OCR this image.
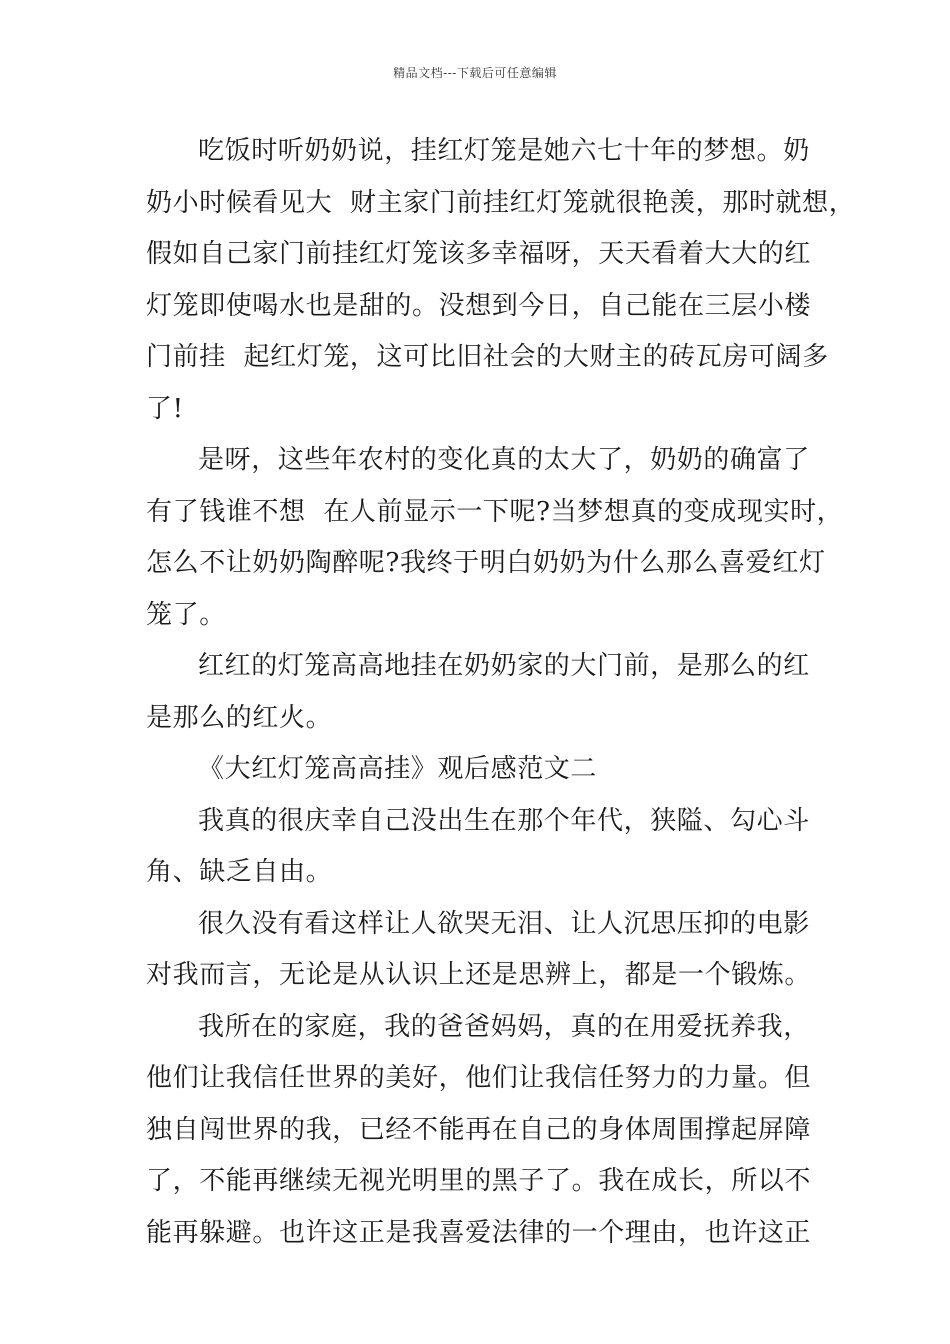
精品文档---下载后可任意编辑
吃饭时听奶奶说，挂红灯笼是她六七十年的梦想。奶
奶小时候看见大  财主家门前挂红灯笼就很艳羡，那时就想，
假如自己家门前挂红灯笼该多幸福呀，天天看着大大的红
灯笼即使喝水也是甜的。没想到今日，自己能在三层小楼
门前挂  起红灯笼，这可比旧社会的大财主的砖瓦房可阔多
了!
是呀，这些年农村的变化真的太大了，奶奶的确富了
有了钱谁不想  在人前显示一下呢?当梦想真的变成现实时，
怎么不让奶奶陶醉呢?我终于明白奶奶为什么那么喜爱红灯
笼了。
红红的灯笼高高地挂在奶奶家的大门前，是那么的红
是那么的红火。
《大红灯笼高高挂》观后感范文二
我真的很庆幸自己没出生在那个年代，狭隘、勾心斗
角、缺乏自由。
很久没有看这样让人欲哭无泪、让人沉思压抑的电影
对我而言，无论是从认识上还是思辨上，都是一个锻炼。
我所在的家庭，我的爸爸妈妈，真的在用爱抚养我，
他们让我信任世界的美好，他们让我信任努力的力量。但
独自闯世界的我，已经不能再在自己的身体周围撑起屏障
了，不能再继续无视光明里的黑子了。我在成长，所以不
能再躲避。也许这正是我喜爱法律的一个理由，也许这正
